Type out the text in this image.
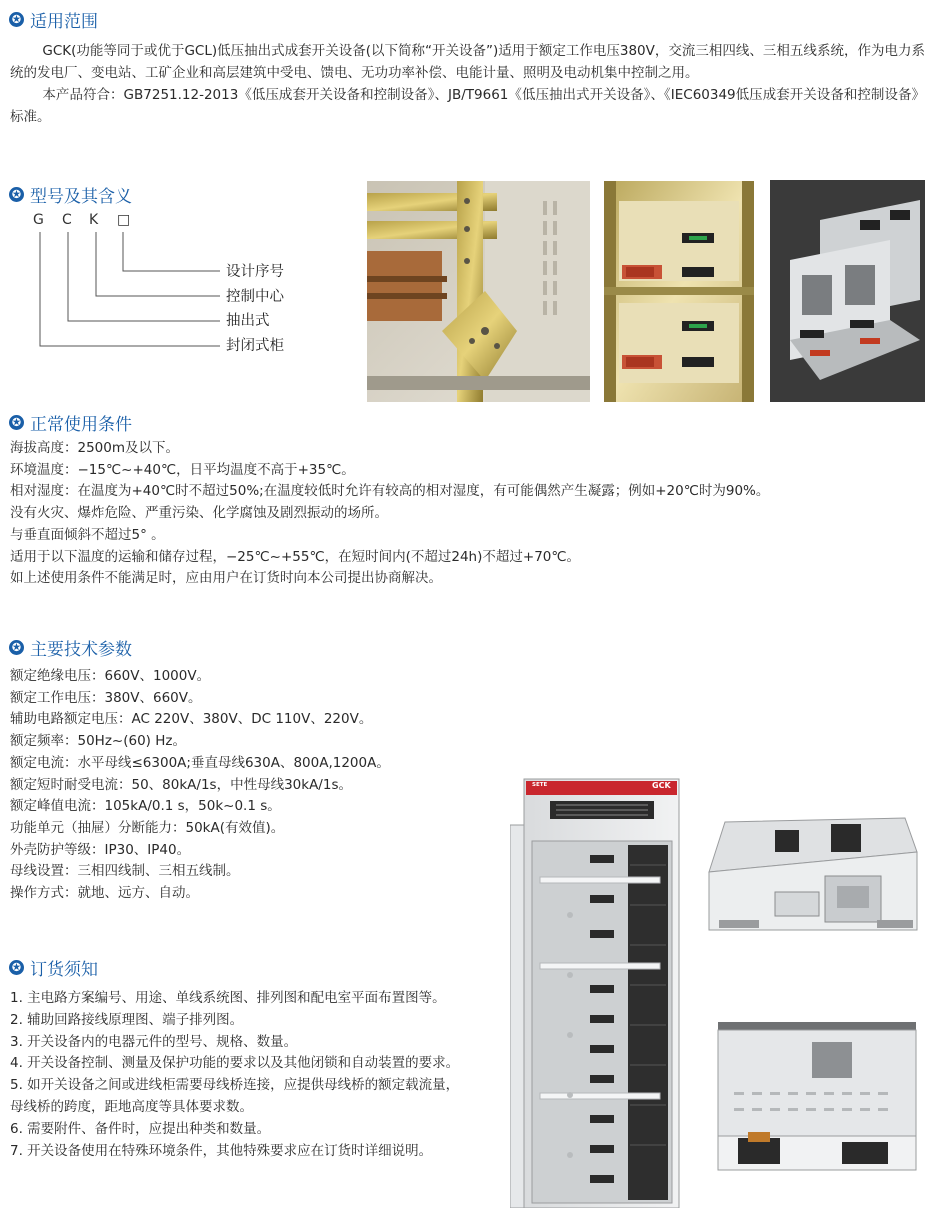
✪ 适用范围

GCK(功能等同于或优于GCL)低压抽出式成套开关设备(以下简称“开关设备”)适用于额定工作电压380V，交流三相四线、三相五线系统，作为电力系统的发电厂、变电站、工矿企业和高层建筑中受电、馈电、无功功率补偿、电能计量、照明及电动机集中控制之用。

本产品符合：GB7251.12-2013《低压成套开关设备和控制设备》、JB/T9661《低压抽出式开关设备》、《IEC60349低压成套开关设备和控制设备》标准。

✪ 型号及其含义
G C K □
设计序号
控制中心
抽出式
封闭式柜
✪ 正常使用条件
海拔高度：2500m及以下。
环境温度：−15℃~+40℃，日平均温度不高于+35℃。
相对湿度：在温度为+40℃时不超过50%;在温度较低时允许有较高的相对湿度，有可能偶然产生凝露；例如+20℃时为90%。
没有火灾、爆炸危险、严重污染、化学腐蚀及剧烈振动的场所。
与垂直面倾斜不超过5° 。
适用于以下温度的运输和储存过程，−25℃~+55℃，在短时间内(不超过24h)不超过+70℃。
如上述使用条件不能满足时，应由用户在订货时向本公司提出协商解决。
✪ 主要技术参数
额定绝缘电压：660V、1000V。
额定工作电压：380V、660V。
辅助电路额定电压：AC 220V、380V、DC 110V、220V。
额定频率：50Hz~(60) Hz。
额定电流：水平母线≤6300A;垂直母线630A、800A,1200A。
额定短时耐受电流：50、80kA/1s，中性母线30kA/1s。
额定峰值电流：105kA/0.1 s，50k~0.1 s。
功能单元（抽屉）分断能力：50kA(有效值)。
外壳防护等级：IP30、IP40。
母线设置：三相四线制、三相五线制。
操作方式：就地、远方、自动。
✪ 订货须知
1. 主电路方案编号、用途、单线系统图、排列图和配电室平面布置图等。
2. 辅助回路接线原理图、端子排列图。
3. 开关设备内的电器元件的型号、规格、数量。
4. 开关设备控制、测量及保护功能的要求以及其他闭锁和自动装置的要求。
5. 如开关设备之间或进线柜需要母线桥连接，应提供母线桥的额定载流量，母线桥的跨度，距地高度等具体要求数。
6. 需要附件、备件时，应提出种类和数量。
7. 开关设备使用在特殊环境条件，其他特殊要求应在订货时详细说明。
SETE	GCK
